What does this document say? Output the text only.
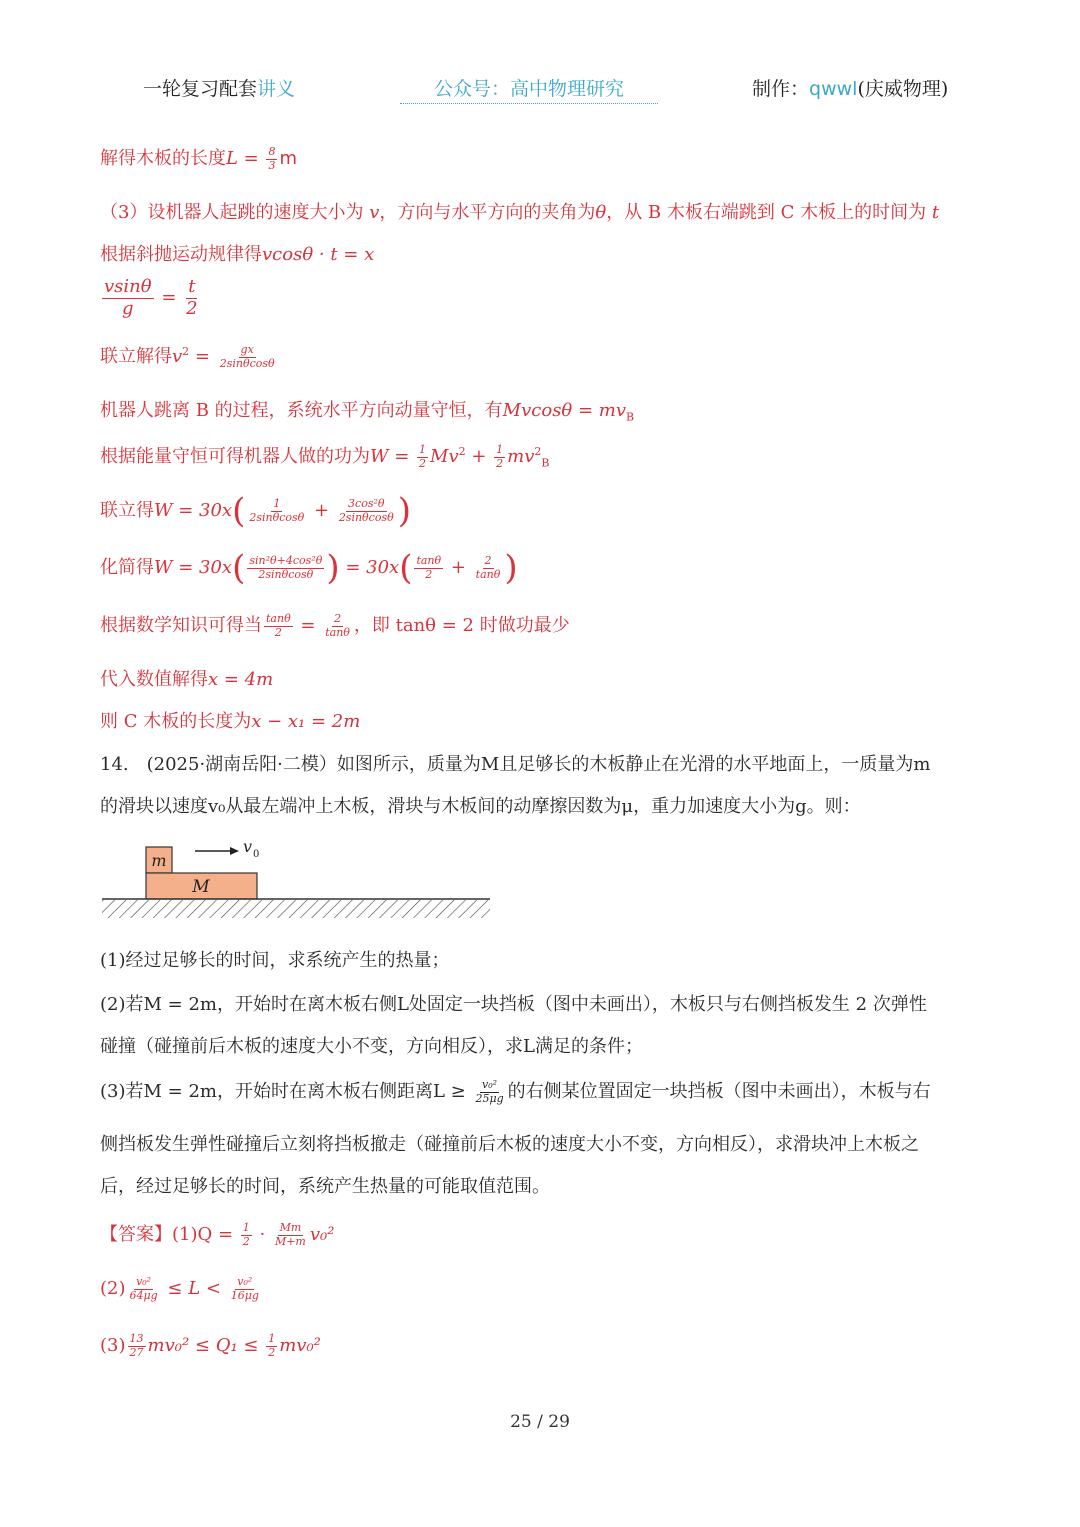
一轮复习配套讲义	公众号：高中物理研究	制作：qwwl(庆威物理)
解得木板的长度$L = \frac{8}{3}$ m
（3）设机器人起跳的速度大小为 v，方向与水平方向的夹角为θ，从 B 木板右端跳到 C 木板上的时间为 t
根据斜抛运动规律得vcosθ · t = x
$\frac{vsin\theta}{g} = \frac{t}{2}$
联立解得$v^2 = \frac{gx}{2\sin\theta\cos\theta}$
机器人跳离 B 的过程，系统水平方向动量守恒，有$Mvcos\theta = mv_B$
根据能量守恒可得机器人做的功为$W = \frac{1}{2} Mv^2 + \frac{1}{2} mv^2_B$
联立得$W = 30x( \frac{1}{2\sin\theta\cos\theta} + \frac{\text{3cos²θ}}{2\sin\theta\cos\theta}$ )
化简得$W = 30x( \frac{\text{sin²θ+4cos²θ}}{2\sin\theta\cos\theta}$ ) = $30x( \frac{\tan\theta}{2} + \frac{2}{\tan\theta}$ )
根据数学知识可得当 $\frac{\tan\theta}{2} = \frac{2}{\tan\theta}$ ，即 tanθ = 2 时做功最少
代入数值解得x = 4m
则 C 木板的长度为x − x₁ = 2m
14.　(2025·湖南岳阳·二模）如图所示，质量为M且足够长的木板静止在光滑的水平地面上，一质量为m
的滑块以速度v₀从最左端冲上木板，滑块与木板间的动摩擦因数为μ，重力加速度大小为g。则：
m
M
v 0
(1)经过足够长的时间，求系统产生的热量；
(2)若M = 2m，开始时在离木板右侧L处固定一块挡板（图中未画出），木板只与右侧挡板发生 2 次弹性
碰撞（碰撞前后木板的速度大小不变，方向相反），求L满足的条件；
(3)若M = 2m，开始时在离木板右侧距离$L \ge \frac{\text{v₀²}}{25\mu g}$ 的右侧某位置固定一块挡板（图中未画出），木板与右
侧挡板发生弹性碰撞后立刻将挡板撤走（碰撞前后木板的速度大小不变，方向相反），求滑块冲上木板之
后，经过足够长的时间，系统产生热量的可能取值范围。
【答案】$(1)Q = \frac{1}{2} \cdot \frac{Mm}{M+m} v_0^2$
$(2) \frac{\text{v₀²}}{64\mu g} \le L < \frac{\text{v₀²}}{16\mu g}$
$(3) \frac{13}{27} mv_0^2 \le Q_1 \le \frac{1}{2} mv_0^2$
25 / 29
